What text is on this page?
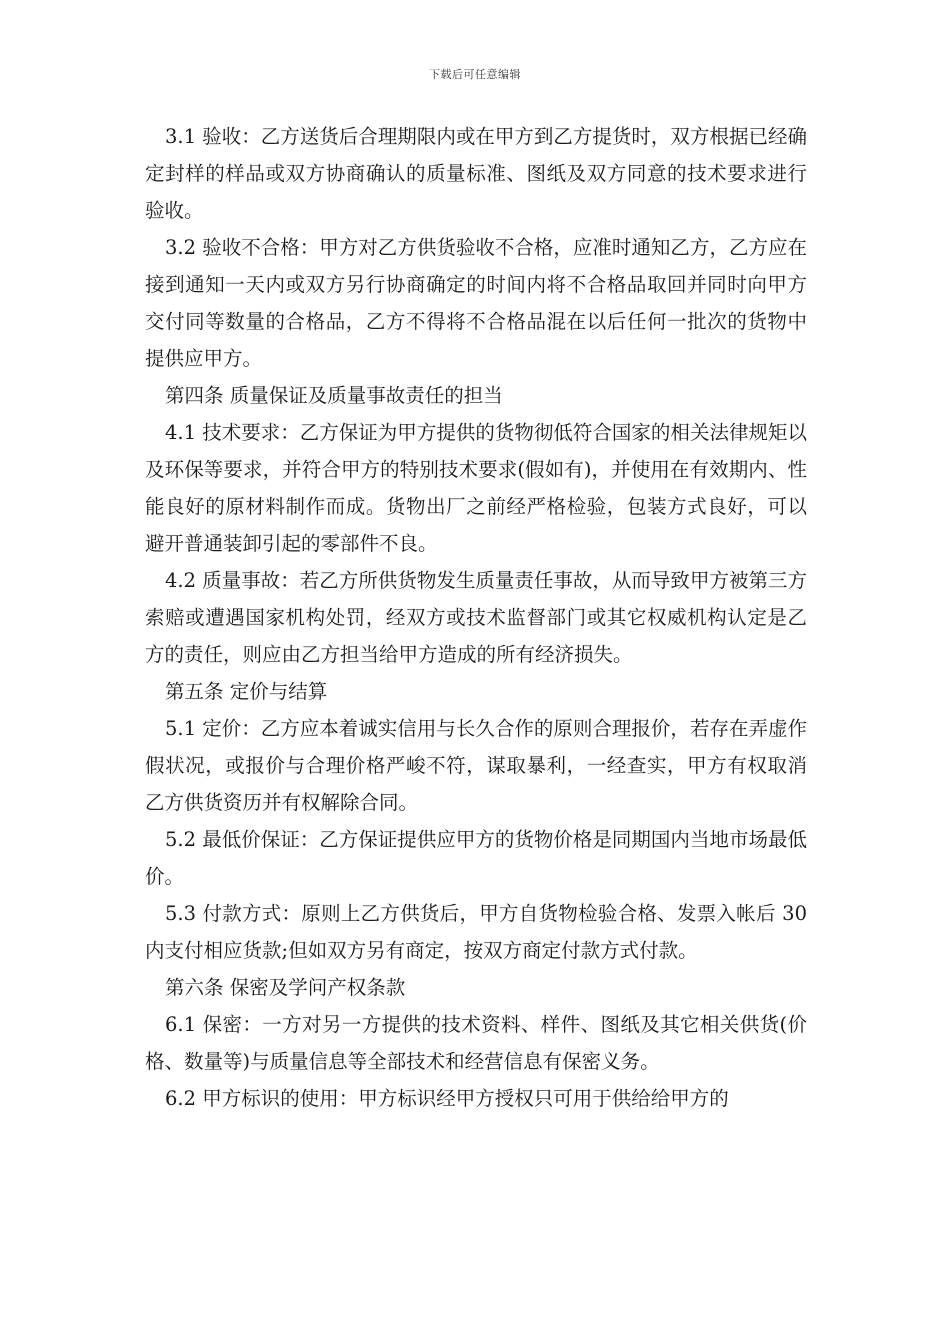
下载后可任意编辑

3.1 验收：乙方送货后合理期限内或在甲方到乙方提货时，双方根据已经确定封样的样品或双方协商确认的质量标准、图纸及双方同意的技术要求进行验收。

3.2 验收不合格：甲方对乙方供货验收不合格，应准时通知乙方，乙方应在接到通知一天内或双方另行协商确定的时间内将不合格品取回并同时向甲方交付同等数量的合格品，乙方不得将不合格品混在以后任何一批次的货物中提供应甲方。

第四条 质量保证及质量事故责任的担当

4.1 技术要求：乙方保证为甲方提供的货物彻低符合国家的相关法律规矩以及环保等要求，并符合甲方的特别技术要求(假如有)，并使用在有效期内、性能良好的原材料制作而成。货物出厂之前经严格检验，包装方式良好，可以避开普通装卸引起的零部件不良。

4.2 质量事故：若乙方所供货物发生质量责任事故，从而导致甲方被第三方索赔或遭遇国家机构处罚，经双方或技术监督部门或其它权威机构认定是乙方的责任，则应由乙方担当给甲方造成的所有经济损失。

第五条 定价与结算

5.1 定价：乙方应本着诚实信用与长久合作的原则合理报价，若存在弄虚作假状况，或报价与合理价格严峻不符，谋取暴利，一经查实，甲方有权取消乙方供货资历并有权解除合同。

5.2 最低价保证：乙方保证提供应甲方的货物价格是同期国内当地市场最低价。

5.3 付款方式：原则上乙方供货后，甲方自货物检验合格、发票入帐后 30 内支付相应货款;但如双方另有商定，按双方商定付款方式付款。

第六条 保密及学问产权条款

6.1 保密：一方对另一方提供的技术资料、样件、图纸及其它相关供货(价格、数量等)与质量信息等全部技术和经营信息有保密义务。

6.2 甲方标识的使用：甲方标识经甲方授权只可用于供给给甲方的
